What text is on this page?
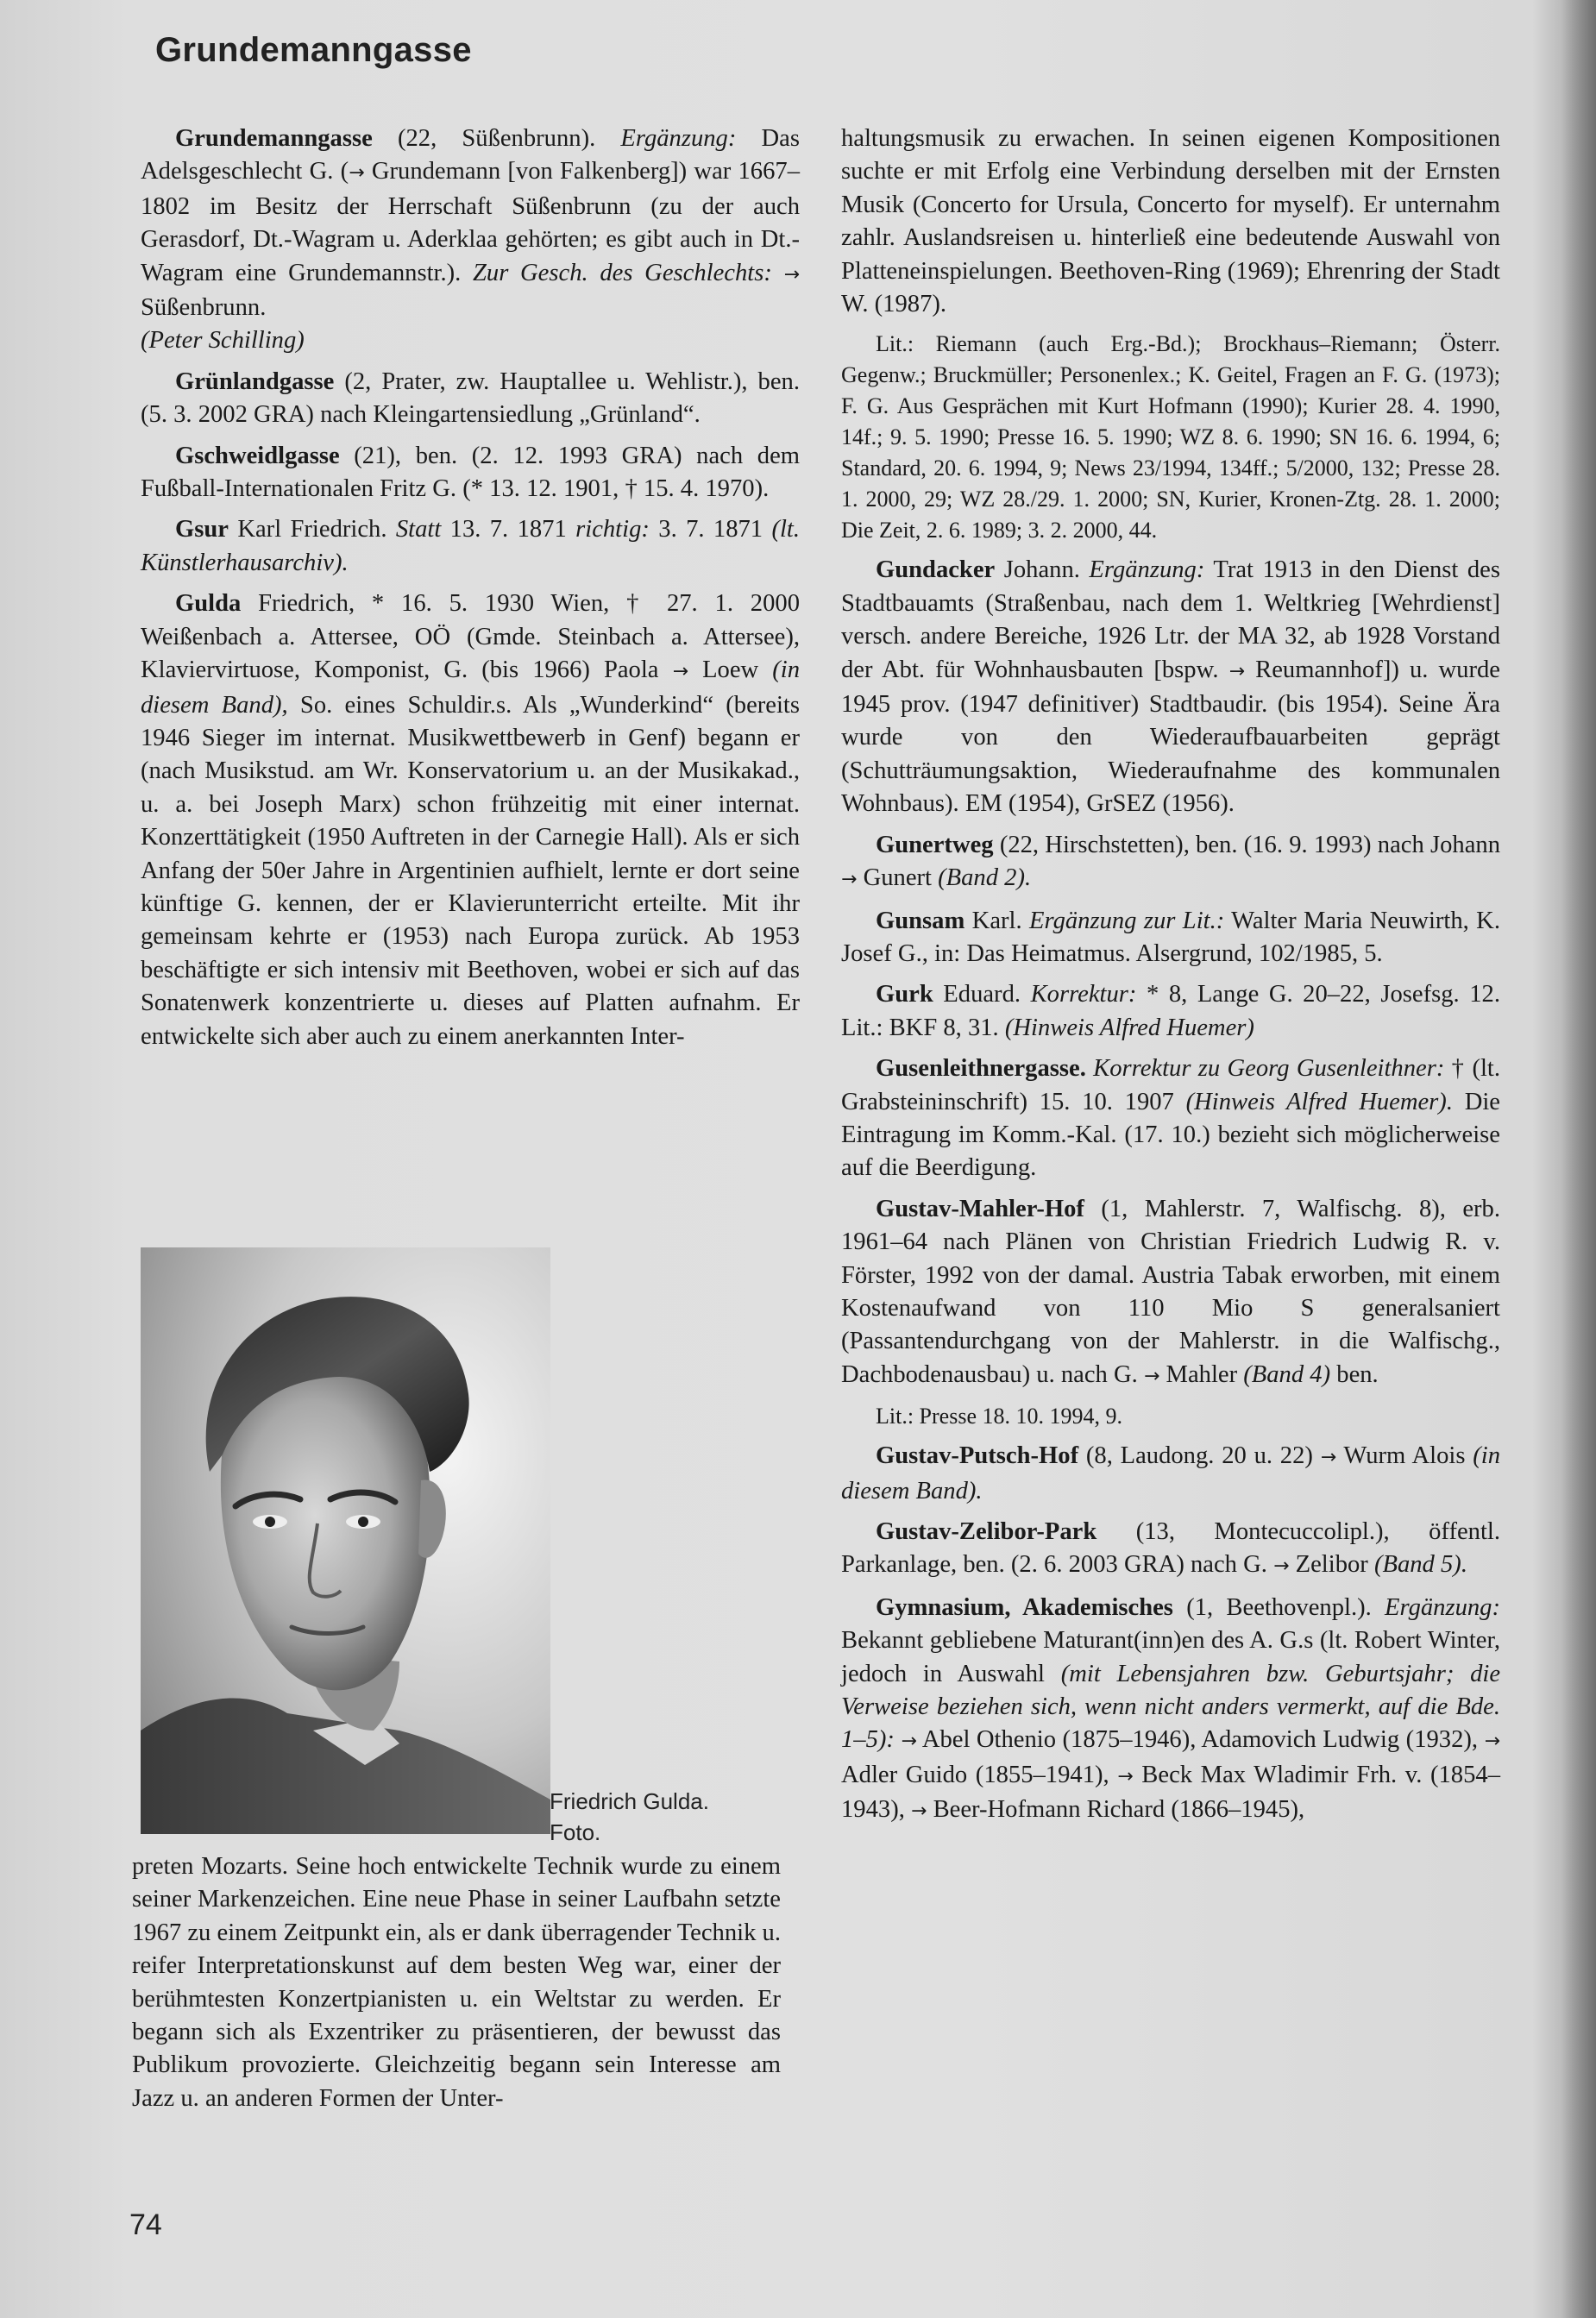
Grundemanngasse

Grundemanngasse (22, Süßenbrunn). Ergänzung: Das Adelsgeschlecht G. (→ Grundemann [von Falkenberg]) war 1667–1802 im Besitz der Herrschaft Süßenbrunn (zu der auch Gerasdorf, Dt.-Wagram u. Aderklaa gehörten; es gibt auch in Dt.-Wagram eine Grundemannstr.). Zur Gesch. des Geschlechts: → Süßenbrunn.
(Peter Schilling)

Grünlandgasse (2, Prater, zw. Hauptallee u. Wehlistr.), ben. (5. 3. 2002 GRA) nach Kleingartensiedlung „Grünland“.

Gschweidlgasse (21), ben. (2. 12. 1993 GRA) nach dem Fußball-Internationalen Fritz G. (* 13. 12. 1901, † 15. 4. 1970).

Gsur Karl Friedrich. Statt 13. 7. 1871 richtig: 3. 7. 1871 (lt. Künstlerhausarchiv).

Gulda Friedrich, * 16. 5. 1930 Wien, † 27. 1. 2000 Weißenbach a. Attersee, OÖ (Gmde. Steinbach a. Attersee), Klaviervirtuose, Komponist, G. (bis 1966) Paola → Loew (in diesem Band), So. eines Schuldir.s. Als „Wunderkind“ (bereits 1946 Sieger im internat. Musikwettbewerb in Genf) begann er (nach Musikstud. am Wr. Konservatorium u. an der Musikakad., u. a. bei Joseph Marx) schon frühzeitig mit einer internat. Konzerttätigkeit (1950 Auftreten in der Carnegie Hall). Als er sich Anfang der 50er Jahre in Argentinien aufhielt, lernte er dort seine künftige G. kennen, der er Klavierunterricht erteilte. Mit ihr gemeinsam kehrte er (1953) nach Europa zurück. Ab 1953 beschäftigte er sich intensiv mit Beethoven, wobei er sich auf das Sonatenwerk konzentrierte u. dieses auf Platten aufnahm. Er entwickelte sich aber auch zu einem anerkannten Inter-

Friedrich Gulda.
Foto.

preten Mozarts. Seine hoch entwickelte Technik wurde zu einem seiner Markenzeichen. Eine neue Phase in seiner Laufbahn setzte 1967 zu einem Zeitpunkt ein, als er dank überragender Technik u. reifer Interpretationskunst auf dem besten Weg war, einer der berühmtesten Konzertpianisten u. ein Weltstar zu werden. Er begann sich als Exzentriker zu präsentieren, der bewusst das Publikum provozierte. Gleichzeitig begann sein Interesse am Jazz u. an anderen Formen der Unter-

haltungsmusik zu erwachen. In seinen eigenen Kompositionen suchte er mit Erfolg eine Verbindung derselben mit der Ernsten Musik (Concerto for Ursula, Concerto for myself). Er unternahm zahlr. Auslandsreisen u. hinterließ eine bedeutende Auswahl von Platteneinspielungen. Beethoven-Ring (1969); Ehrenring der Stadt W. (1987).

Lit.: Riemann (auch Erg.-Bd.); Brockhaus–Riemann; Österr. Gegenw.; Bruckmüller; Personenlex.; K. Geitel, Fragen an F. G. (1973); F. G. Aus Gesprächen mit Kurt Hofmann (1990); Kurier 28. 4. 1990, 14f.; 9. 5. 1990; Presse 16. 5. 1990; WZ 8. 6. 1990; SN 16. 6. 1994, 6; Standard, 20. 6. 1994, 9; News 23/1994, 134ff.; 5/2000, 132; Presse 28. 1. 2000, 29; WZ 28./29. 1. 2000; SN, Kurier, Kronen-Ztg. 28. 1. 2000; Die Zeit, 2. 6. 1989; 3. 2. 2000, 44.

Gundacker Johann. Ergänzung: Trat 1913 in den Dienst des Stadtbauamts (Straßenbau, nach dem 1. Weltkrieg [Wehrdienst] versch. andere Bereiche, 1926 Ltr. der MA 32, ab 1928 Vorstand der Abt. für Wohnhausbauten [bspw. → Reumannhof]) u. wurde 1945 prov. (1947 definitiver) Stadtbaudir. (bis 1954). Seine Ära wurde von den Wiederaufbauarbeiten geprägt (Schutträumungsaktion, Wiederaufnahme des kommunalen Wohnbaus). EM (1954), GrSEZ (1956).

Gunertweg (22, Hirschstetten), ben. (16. 9. 1993) nach Johann → Gunert (Band 2).

Gunsam Karl. Ergänzung zur Lit.: Walter Maria Neuwirth, K. Josef G., in: Das Heimatmus. Alsergrund, 102/1985, 5.

Gurk Eduard. Korrektur: * 8, Lange G. 20–22, Josefsg. 12. Lit.: BKF 8, 31. (Hinweis Alfred Huemer)

Gusenleithnergasse. Korrektur zu Georg Gusenleithner: † (lt. Grabsteininschrift) 15. 10. 1907 (Hinweis Alfred Huemer). Die Eintragung im Komm.-Kal. (17. 10.) bezieht sich möglicherweise auf die Beerdigung.

Gustav-Mahler-Hof (1, Mahlerstr. 7, Walfischg. 8), erb. 1961–64 nach Plänen von Christian Friedrich Ludwig R. v. Förster, 1992 von der damal. Austria Tabak erworben, mit einem Kostenaufwand von 110 Mio S generalsaniert (Passantendurchgang von der Mahlerstr. in die Walfischg., Dachbodenausbau) u. nach G. → Mahler (Band 4) ben.

Lit.: Presse 18. 10. 1994, 9.

Gustav-Putsch-Hof (8, Laudong. 20 u. 22) → Wurm Alois (in diesem Band).

Gustav-Zelibor-Park (13, Montecuccolipl.), öffentl. Parkanlage, ben. (2. 6. 2003 GRA) nach G. → Zelibor (Band 5).

Gymnasium, Akademisches (1, Beethovenpl.). Ergänzung: Bekannt gebliebene Maturant(inn)en des A. G.s (lt. Robert Winter, jedoch in Auswahl (mit Lebensjahren bzw. Geburtsjahr; die Verweise beziehen sich, wenn nicht anders vermerkt, auf die Bde. 1–5): → Abel Othenio (1875–1946), Adamovich Ludwig (1932), → Adler Guido (1855–1941), → Beck Max Wladimir Frh. v. (1854–1943), → Beer-Hofmann Richard (1866–1945),

74
